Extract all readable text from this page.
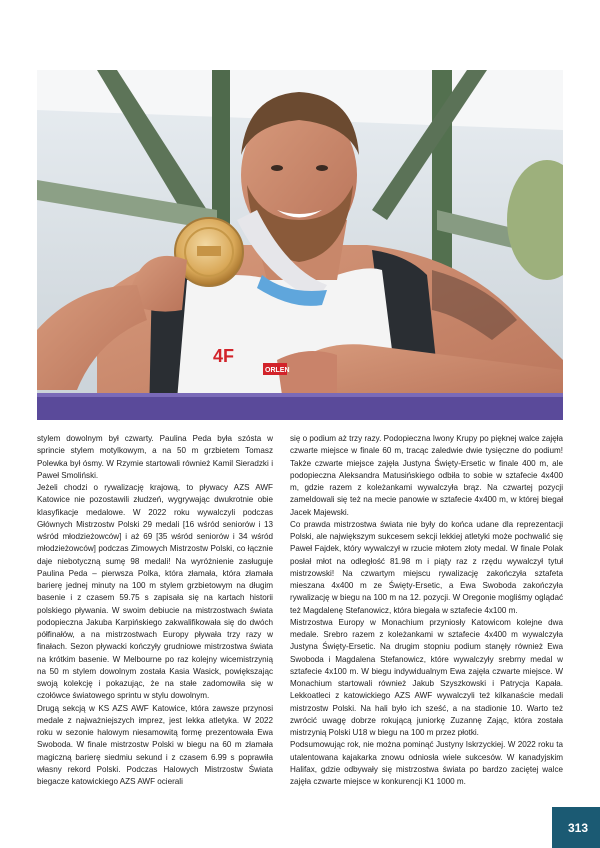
4F
ORLEN

stylem dowolnym był czwarty. Paulina Peda była szósta w sprincie stylem motylkowym, a na 50 m grzbietem Tomasz Polewka był ósmy. W Rzymie startowali również Kamil Sieradzki i Paweł Smoliński.

Jeżeli chodzi o rywalizację krajową, to pływacy AZS AWF Katowice nie pozostawili złudzeń, wygrywając dwukrotnie obie klasyfikacje medalowe. W 2022 roku wywalczyli podczas Głównych Mistrzostw Polski 29 medali [16 wśród seniorów i 13 wśród młodzieżowców] i aż 69 [35 wśród seniorów i 34 wśród młodzieżowców] podczas Zimowych Mistrzostw Polski, co łącznie daje niebotyczną sumę 98 medali! Na wyróżnienie zasługuje Paulina Peda – pierwsza Polka, która złamała, która złamała barierę jednej minuty na 100 m stylem grzbietowym na długim basenie i z czasem 59.75 s zapisała się na kartach historii polskiego pływania. W swoim debiucie na mistrzostwach świata podopieczna Jakuba Karpińskiego zakwalifikowała się do dwóch półfinałów, a na mistrzostwach Europy pływała trzy razy w finałach. Sezon pływacki kończyły grudniowe mistrzostwa świata na krótkim basenie. W Melbourne po raz kolejny wicemistrzynią na 50 m stylem dowolnym została Kasia Wasick, powiększając swoją kolekcję i pokazując, że na stałe zadomowiła się w czołówce światowego sprintu w stylu dowolnym.

Drugą sekcją w KS AZS AWF Katowice, która zawsze przynosi medale z najważniejszych imprez, jest lekka atletyka. W 2022 roku w sezonie halowym niesamowitą formę prezentowała Ewa Swoboda. W finale mistrzostw Polski w biegu na 60 m złamała magiczną barierę siedmiu sekund i z czasem 6.99 s poprawiła własny rekord Polski. Podczas Halowych Mistrzostw Świata biegacze katowickiego AZS AWF ocierali

się o podium aż trzy razy. Podopieczna Iwony Krupy po pięknej walce zajęła czwarte miejsce w finale 60 m, tracąc zaledwie dwie tysięczne do podium! Także czwarte miejsce zajęła Justyna Święty-Ersetic w finale 400 m, ale podopieczna Aleksandra Matusińskiego odbiła to sobie w sztafecie 4x400 m, gdzie razem z koleżankami wywalczyła brąz. Na czwartej pozycji zameldowali się też na mecie panowie w sztafecie 4x400 m, w której biegał Jacek Majewski.

Co prawda mistrzostwa świata nie były do końca udane dla reprezentacji Polski, ale największym sukcesem sekcji lekkiej atletyki może pochwalić się Paweł Fajdek, który wywalczył w rzucie młotem złoty medal. W finale Polak posłał młot na odległość 81.98 m i piąty raz z rzędu wywalczył tytuł mistrzowski! Na czwartym miejscu rywalizację zakończyła sztafeta mieszana 4x400 m ze Święty-Ersetic, a Ewa Swoboda zakończyła rywalizację w biegu na 100 m na 12. pozycji. W Oregonie mogliśmy oglądać też Magdalenę Stefanowicz, która biegała w sztafecie 4x100 m.

Mistrzostwa Europy w Monachium przyniosły Katowicom kolejne dwa medale. Srebro razem z koleżankami w sztafecie 4x400 m wywalczyła Justyna Święty-Ersetic. Na drugim stopniu podium stanęły również Ewa Swoboda i Magdalena Stefanowicz, które wywalczyły srebrny medal w sztafecie 4x100 m. W biegu indywidualnym Ewa zajęła czwarte miejsce. W Monachium startowali również Jakub Szyszkowski i Patrycja Kapała. Lekkoatleci z katowickiego AZS AWF wywalczyli też kilkanaście medali mistrzostw Polski. Na hali było ich sześć, a na stadionie 10. Warto też zwrócić uwagę dobrze rokującą juniorkę Zuzannę Zając, która została mistrzynią Polski U18 w biegu na 100 m przez płotki.

Podsumowując rok, nie można pominąć Justyny Iskrzyckiej. W 2022 roku ta utalentowana kajakarka znowu odniosła wiele sukcesów. W kanadyjskim Halifax, gdzie odbywały się mistrzostwa świata po bardzo zaciętej walce zajęła czwarte miejsce w konkurencji K1 1000 m.

313
